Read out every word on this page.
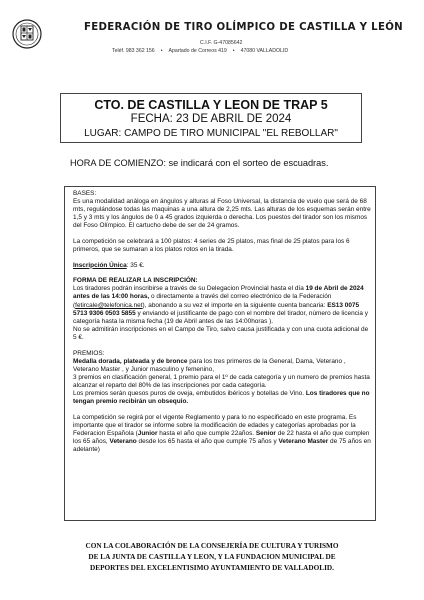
FEDERACIÓN DE TIRO OLÍMPICO DE CASTILLA Y LEÓN
C.I.F. G-47085642
Teléf. 983 362 156 • Apartado de Correos 419 • 47080 VALLADOLID
CTO. DE CASTILLA Y LEON DE TRAP 5
FECHA: 23 DE ABRIL DE 2024
LUGAR: CAMPO DE TIRO MUNICIPAL "EL REBOLLAR"
HORA DE COMIENZO: se indicará con el sorteo de escuadras.

BASES:

Es una modalidad análoga en ángulos y alturas al Foso Universal, la distancia de vuelo que será de 68 mts, regulándose todas las maquinas a una altura de 2,25 mts. Las alturas de los esquemas serán entre 1,5 y 3 mts y los ángulos de 0 a 45 grados izquierda o derecha. Los puestos del tirador son los mismos del Foso Olímpico. El cartucho debe de ser de 24 gramos.

La competición se celebrará a 100 platos: 4 series de 25 platos, mas final de 25 platos para los 6 primeros, que se sumaran a los platos rotos en la tirada.

Inscripción Única: 35 €.

FORMA DE REALIZAR LA INSCRIPCIÓN:

Los tiradores podrán inscribirse a través de su Delegacion Provincial hasta el día 19 de Abril de 2024 antes de las 14:00 horas, o directamente a través del correo electrónico de la Federación (fetircale@telefonica.net), abonando a su vez el importe en la siguiente cuenta bancaria: ES13 0075 5713 9306 0503 5855 y enviando el justificante de pago con el nombre del tirador, número de licencia y categoría hasta la misma fecha (19 de Abril antes de las 14:00horas ).

No se admitirán inscripciones en el Campo de Tiro, salvo causa justificada y con una cuota adicional de 5 €.

PREMIOS:

Medalla dorada, plateada y de bronce para los tres primeros de la General, Dama, Veterano , Veterano Master , y Junior masculino y femenino,

3 premios en clasificación general, 1 premio para el 1º de cada categoría y un numero de premios hasta alcanzar el reparto del 80% de las inscripciones por cada categoría.

Los premios serán quesos puros de oveja, embutidos ibéricos y botellas de Vino. Los tiradores que no tengan premio recibirán un obsequio.

La competición se regirá por el vigente Reglamento y para lo no especificado en este programa. Es importante que el tirador se informe sobre la modificación de edades y categorías aprobadas por la Federacion Española (Junior hasta el año que cumple 22años. Senior de 22 hasta el año que cumplen los 65 años, Veterano desde los 65 hasta el año que cumple 75 años y Veterano Master de 75 años en adelante)

CON LA COLABORACIÓN DE LA CONSEJERÍA DE CULTURA Y TURISMO
DE LA JUNTA DE CASTILLA Y LEON, Y LA FUNDACION MUNICIPAL DE
DEPORTES DEL EXCELENTISIMO AYUNTAMIENTO DE VALLADOLID.
